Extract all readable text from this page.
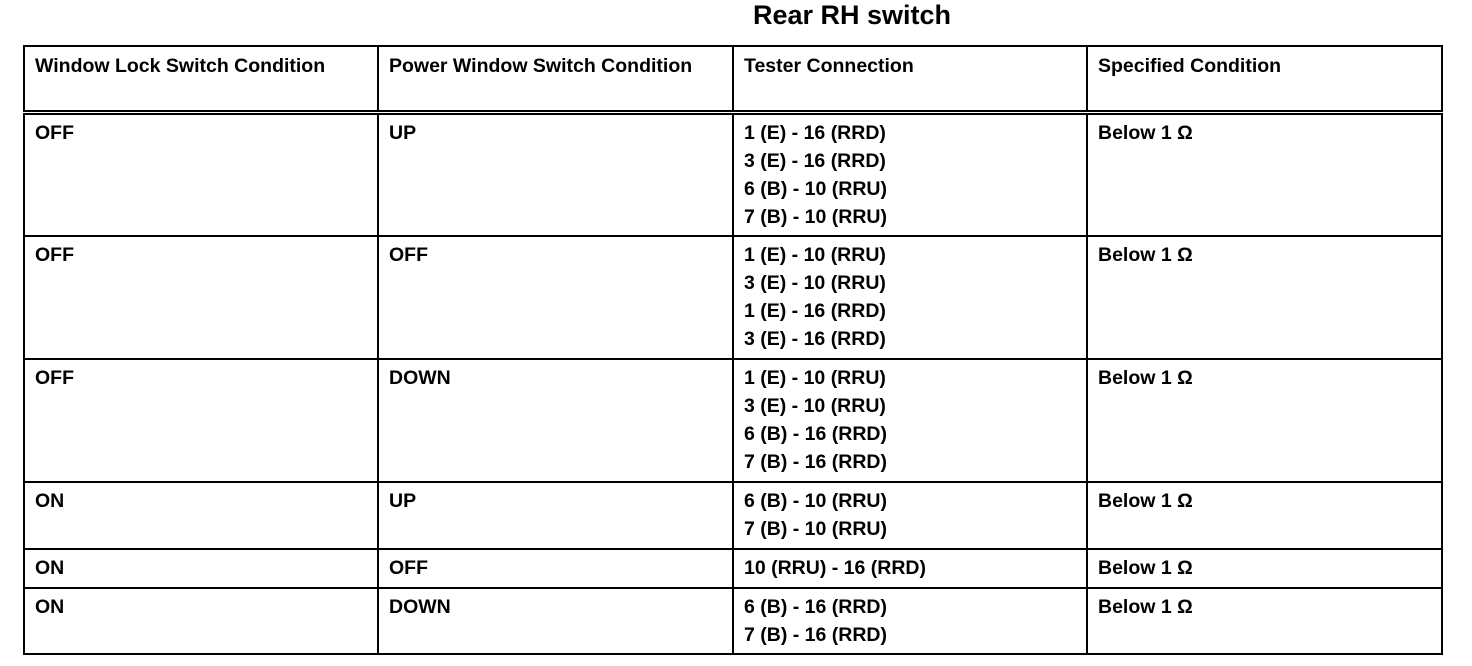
Rear RH switch
Window Lock Switch Condition	Power Window Switch Condition	Tester Connection	Specified Condition
OFF	UP	1 (E) - 16 (RRD)
3 (E) - 16 (RRD)
6 (B) - 10 (RRU)
7 (B) - 10 (RRU)	Below 1 Ω
OFF	OFF	1 (E) - 10 (RRU)
3 (E) - 10 (RRU)
1 (E) - 16 (RRD)
3 (E) - 16 (RRD)	Below 1 Ω
OFF	DOWN	1 (E) - 10 (RRU)
3 (E) - 10 (RRU)
6 (B) - 16 (RRD)
7 (B) - 16 (RRD)	Below 1 Ω
ON	UP	6 (B) - 10 (RRU)
7 (B) - 10 (RRU)	Below 1 Ω
ON	OFF	10 (RRU) - 16 (RRD)	Below 1 Ω
ON	DOWN	6 (B) - 16 (RRD)
7 (B) - 16 (RRD)	Below 1 Ω
